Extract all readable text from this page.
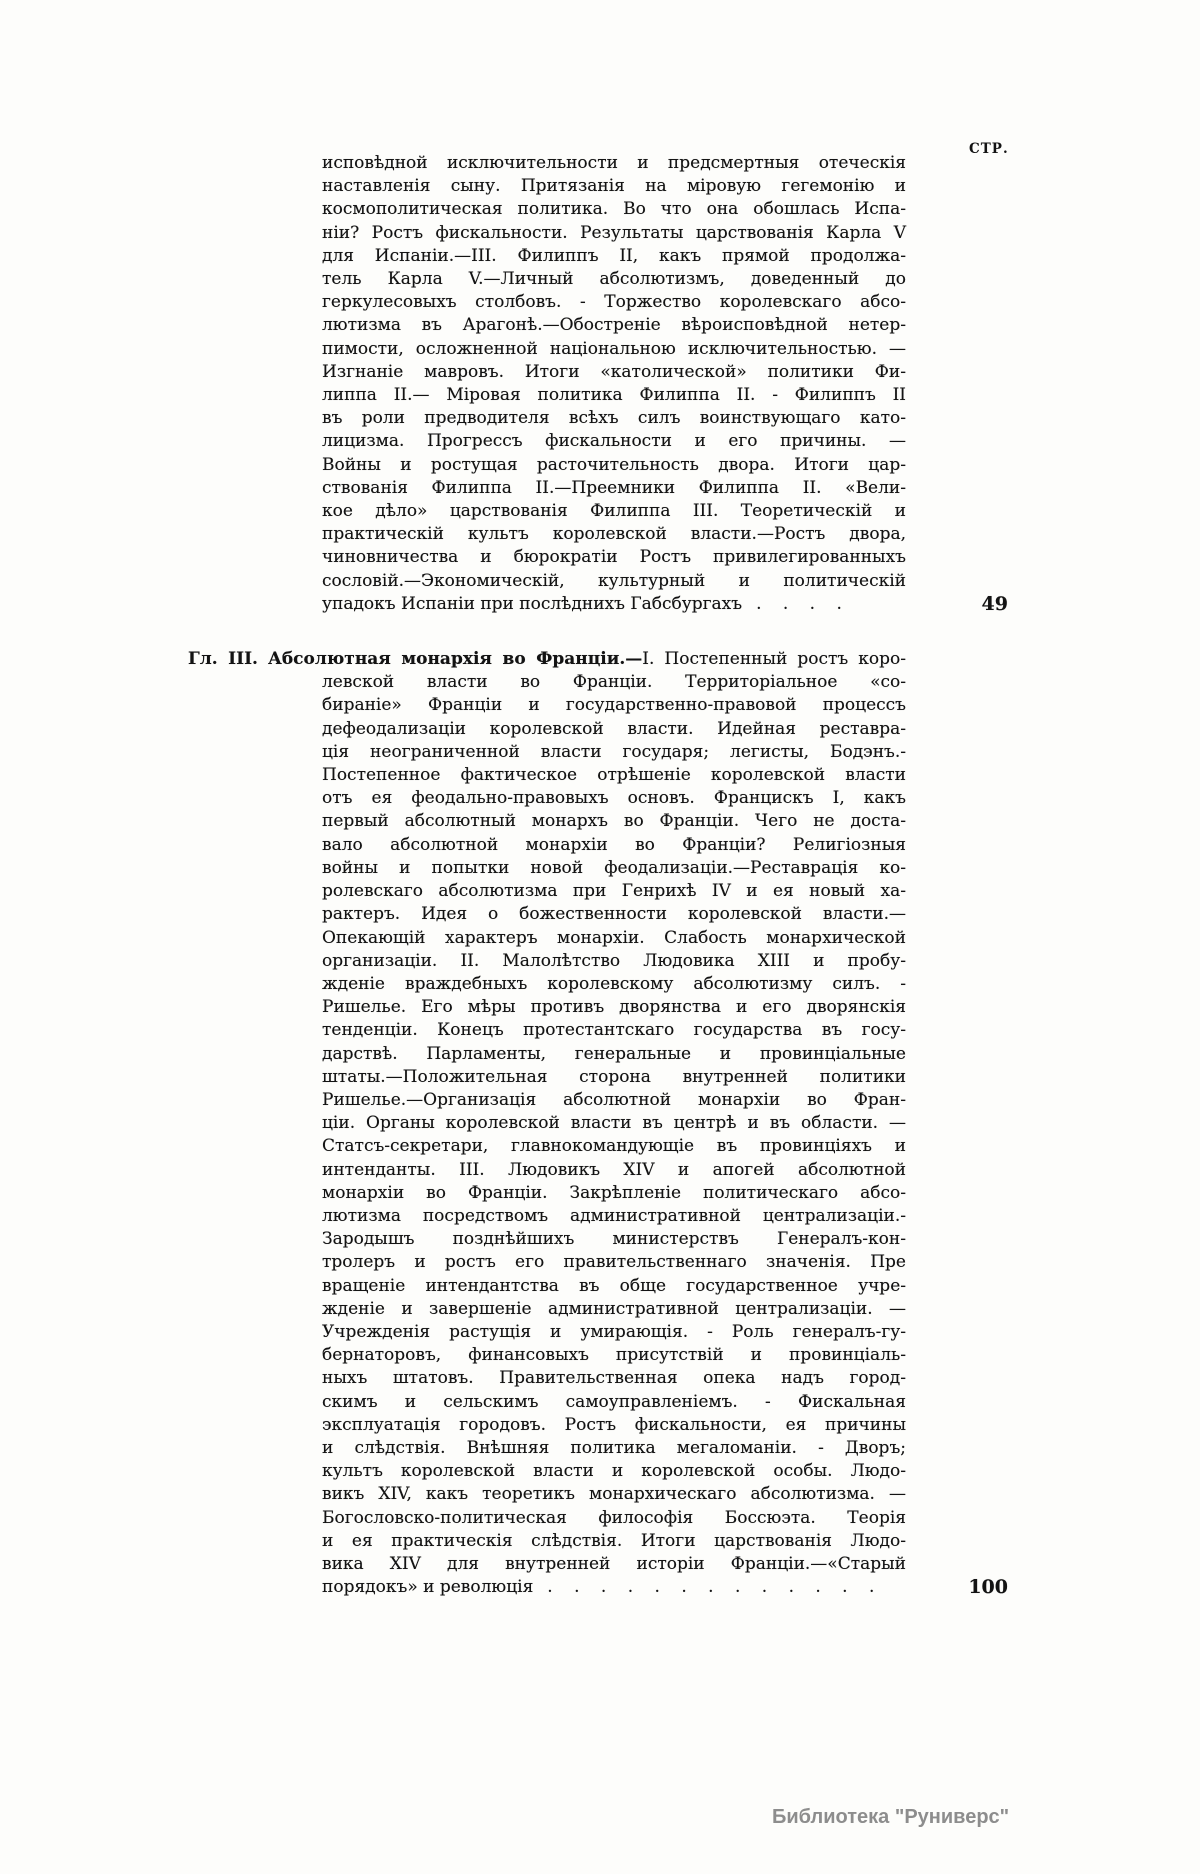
СТР.
исповѣдной исключительности и предсмертныя отеческія
наставленія сыну. Притязанія на міровую гегемонію и
космополитическая политика. Во что она обошлась Испа-
ніи? Ростъ фискальности. Результаты царствованія Карла V
для Испаніи.—III. Филиппъ II, какъ прямой продолжа-
тель Карла V.—Личный абсолютизмъ, доведенный до
геркулесовыхъ столбовъ. - Торжество королевскаго абсо-
лютизма въ Арагонѣ.—Обостреніе вѣроисповѣдной нетер-
пимости, осложненной національною исключительностью. —
Изгнаніе мавровъ. Итоги «католической» политики Фи-
липпа II.— Міровая политика Филиппа II. - Филиппъ II
въ роли предводителя всѣхъ силъ воинствующаго като-
лицизма. Прогрессъ фискальности и его причины. —
Войны и ростущая расточительность двора. Итоги цар-
ствованія Филиппа II.—Преемники Филиппа II. «Вели-
кое дѣло» царствованія Филиппа III. Теоретическій и
практическій культъ королевской власти.—Ростъ двора,
чиновничества и бюрократіи Ростъ привилегированныхъ
сословій.—Экономическій, культурный и политическій
упадокъ Испаніи при послѣднихъ Габсбургахъ . . . .	49
Гл. III. Абсолютная монархія во Франціи.—I. Постепенный ростъ коро-
левской власти во Франціи. Территоріальное «со-
бираніе» Франціи и государственно-правовой процессъ
дефеодализаціи королевской власти. Идейная реставра-
ція неограниченной власти государя; легисты, Бодэнъ.-
Постепенное фактическое отрѣшеніе королевской власти
отъ ея феодально-правовыхъ основъ. Францискъ I, какъ
первый абсолютный монархъ во Франціи. Чего не доста-
вало абсолютной монархіи во Франціи? Религіозныя
войны и попытки новой феодализаціи.—Реставрація ко-
ролевскаго абсолютизма при Генрихѣ IV и ея новый ха-
рактеръ. Идея о божественности королевской власти.—
Опекающій характеръ монархіи. Слабость монархической
организаціи. II. Малолѣтство Людовика XIII и пробу-
жденіе враждебныхъ королевскому абсолютизму силъ. -
Ришелье. Его мѣры противъ дворянства и его дворянскія
тенденціи. Конецъ протестантскаго государства въ госу-
дарствѣ. Парламенты, генеральные и провинціальные
штаты.—Положительная сторона внутренней политики
Ришелье.—Организація абсолютной монархіи во Фран-
ціи. Органы королевской власти въ центрѣ и въ области. —
Статсъ-секретари, главнокомандующіе въ провинціяхъ и
интенданты. III. Людовикъ XIV и апогей абсолютной
монархіи во Франціи. Закрѣпленіе политическаго абсо-
лютизма посредствомъ административной централизаціи.-
Зародышъ позднѣйшихъ министерствъ Генералъ-кон-
тролеръ и ростъ его правительственнаго значенія. Пре
вращеніе интендантства въ обще государственное учре-
жденіе и завершеніе административной централизаціи. —
Учрежденія растущія и умирающія. - Роль генералъ-гу-
бернаторовъ, финансовыхъ присутствій и провинціаль-
ныхъ штатовъ. Правительственная опека надъ город-
скимъ и сельскимъ самоуправленіемъ. - Фискальная
эксплуатація городовъ. Ростъ фискальности, ея причины
и слѣдствія. Внѣшняя политика мегаломаніи. - Дворъ;
культъ королевской власти и королевской особы. Людо-
викъ XIV, какъ теоретикъ монархическаго абсолютизма. —
Богословско-политическая философія Боссюэта. Теорія
и ея практическія слѣдствія. Итоги царствованія Людо-
вика XIV для внутренней исторіи Франціи.—«Старый
порядокъ» и революція . . . . . . . . . . . . .	100
Библиотека "Руниверс"
